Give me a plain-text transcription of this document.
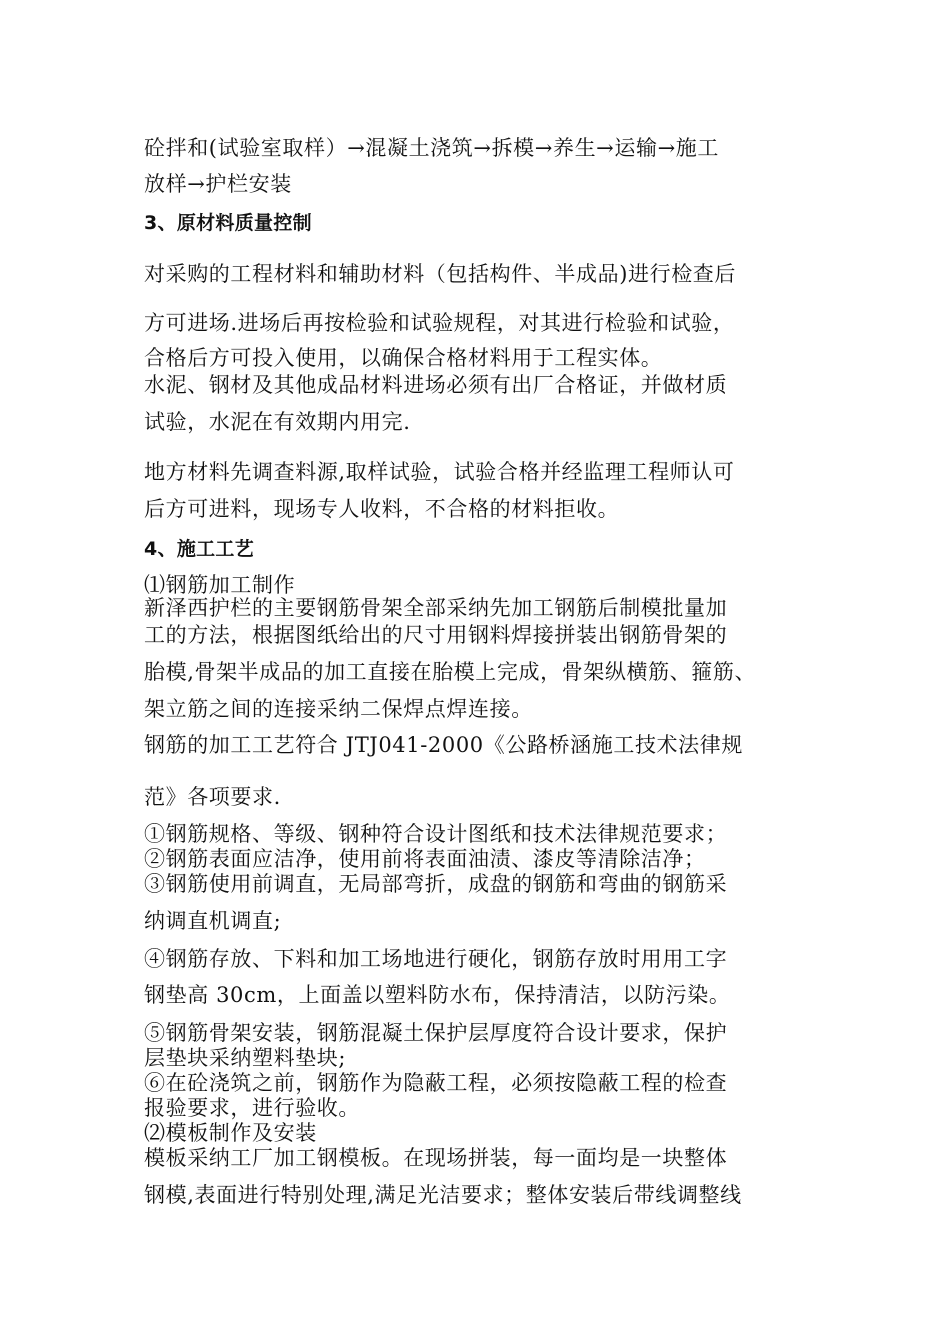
砼拌和(试验室取样）→混凝土浇筑→拆模→养生→运输→施工
放样→护栏安装
3、原材料质量控制
对采购的工程材料和辅助材料（包括构件、半成品)进行检查后
方可进场.进场后再按检验和试验规程，对其进行检验和试验，
合格后方可投入使用，以确保合格材料用于工程实体。
水泥、钢材及其他成品材料进场必须有出厂合格证，并做材质
试验，水泥在有效期内用完.
地方材料先调查料源,取样试验，试验合格并经监理工程师认可
后方可进料，现场专人收料，不合格的材料拒收。
4、施工工艺
⑴钢筋加工制作
新泽西护栏的主要钢筋骨架全部采纳先加工钢筋后制模批量加
工的方法，根据图纸给出的尺寸用钢料焊接拼装出钢筋骨架的
胎模,骨架半成品的加工直接在胎模上完成，骨架纵横筋、箍筋、
架立筋之间的连接采纳二保焊点焊连接。
钢筋的加工工艺符合 JTJ041-2000《公路桥涵施工技术法律规
范》各项要求.
①钢筋规格、等级、钢种符合设计图纸和技术法律规范要求；
②钢筋表面应洁净，使用前将表面油渍、漆皮等清除洁净；
③钢筋使用前调直，无局部弯折，成盘的钢筋和弯曲的钢筋采
纳调直机调直;
④钢筋存放、下料和加工场地进行硬化，钢筋存放时用用工字
钢垫高 30cm，上面盖以塑料防水布，保持清洁，以防污染。
⑤钢筋骨架安装，钢筋混凝土保护层厚度符合设计要求，保护
层垫块采纳塑料垫块;
⑥在砼浇筑之前，钢筋作为隐蔽工程，必须按隐蔽工程的检查
报验要求，进行验收。
⑵模板制作及安装
模板采纳工厂加工钢模板。在现场拼装，每一面均是一块整体
钢模,表面进行特别处理,满足光洁要求；整体安装后带线调整线
